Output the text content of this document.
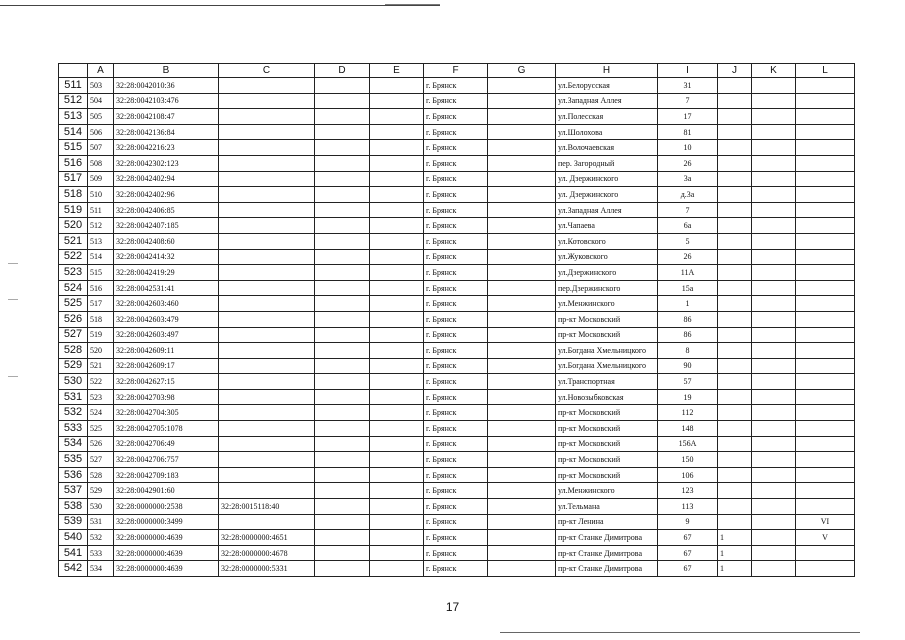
	A	B	C	D	E	F	G	H	I	J	K	L
511	503	32:28:0042010:36				г. Брянск		ул.Белорусская	31			
512	504	32:28:0042103:476				г. Брянск		ул.Западная Аллея	7			
513	505	32:28:0042108:47				г. Брянск		ул.Полесская	17			
514	506	32:28:0042136:84				г. Брянск		ул.Шолохова	81			
515	507	32:28:0042216:23				г. Брянск		ул.Волочаевская	10			
516	508	32:28:0042302:123				г. Брянск		пер. Загородный	26			
517	509	32:28:0042402:94				г. Брянск		ул. Дзержинского	3а			
518	510	32:28:0042402:96				г. Брянск		ул. Дзержинского	д.3а			
519	511	32:28:0042406:85				г. Брянск		ул.Западная Аллея	7			
520	512	32:28:0042407:185				г. Брянск		ул.Чапаева	6а			
521	513	32:28:0042408:60				г. Брянск		ул.Котовского	5			
522	514	32:28:0042414:32				г. Брянск		ул.Жуковского	26			
523	515	32:28:0042419:29				г. Брянск		ул.Дзержинского	11А			
524	516	32:28:0042531:41				г. Брянск		пер.Дзержинского	15а			
525	517	32:28:0042603:460				г. Брянск		ул.Менжинского	1			
526	518	32:28:0042603:479				г. Брянск		пр-кт Московский	86			
527	519	32:28:0042603:497				г. Брянск		пр-кт Московский	86			
528	520	32:28:0042609:11				г. Брянск		ул.Богдана Хмельницкого	8			
529	521	32:28:0042609:17				г. Брянск		ул.Богдана Хмельницкого	90			
530	522	32:28:0042627:15				г. Брянск		ул.Транспортная	57			
531	523	32:28:0042703:98				г. Брянск		ул.Новозыбковская	19			
532	524	32:28:0042704:305				г. Брянск		пр-кт Московский	112			
533	525	32:28:0042705:1078				г. Брянск		пр-кт Московский	148			
534	526	32:28:0042706:49				г. Брянск		пр-кт Московский	156А			
535	527	32:28:0042706:757				г. Брянск		пр-кт Московский	150			
536	528	32:28:0042709:183				г. Брянск		пр-кт Московский	106			
537	529	32:28:0042901:60				г. Брянск		ул.Менжинского	123			
538	530	32:28:0000000:2538	32:28:0015118:40			г. Брянск		ул.Тельмана	113			
539	531	32:28:0000000:3499				г. Брянск		пр-кт Ленина	9			VI
540	532	32:28:0000000:4639	32:28:0000000:4651			г. Брянск		пр-кт Станке Димитрова	67	1		V
541	533	32:28:0000000:4639	32:28:0000000:4678			г. Брянск		пр-кт Станке Димитрова	67	1		
542	534	32:28:0000000:4639	32:28:0000000:5331			г. Брянск		пр-кт Станке Димитрова	67	1		
17
